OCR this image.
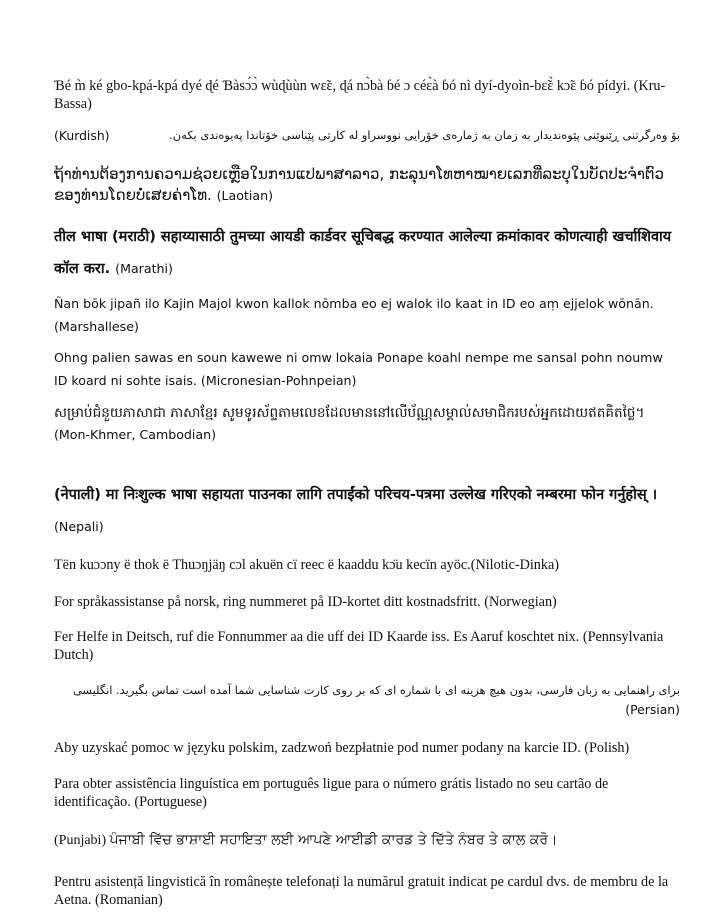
Ɓé m̀ ké gbo-kpá-kpá dyé ɖé Ɓàsɔ́ɔ̀ wùɖùùn wɛ̃ɛ, ɖá nɔ̀bà ɓé ɔ céɛ̀à ɓó nì dyí-dyoìn-bɛ̃ɛ̀ kɔ̃ɛ ɓó pídyi. (Kru-Bassa)

(Kurdish)	بۆ وەرگرتنی ڕێنوێنی پێوەندیدار بە زمان بە ژمارەی خۆرایی نووسراو لە کارتی پێناسی خۆتاندا پەیوەندی بکەن.

ຖ້າທ່ານຕ້ອງການຄວາມຊ່ວຍເຫຼືອໃນການແປພາສາລາວ, ກະລຸນາໂທຫາໝາຍເລກທີ່ລະບຸໃນບັດປະຈຳຕົວຂອງທ່ານໂດຍບໍ່ເສຍຄ່າໂທ. (Laotian)

तील भाषा (मराठी) सहाय्यासाठी तुमच्या आयडी कार्डवर सूचिबद्ध करण्यात आलेल्या क्रमांकावर कोणत्याही खर्चाशिवाय कॉल करा. (Marathi)

Ñan bōk jipañ ilo Kajin Majol kwon kallok nōmba eo ej walok ilo kaat in ID eo aṃ ejjelok wōnān. (Marshallese)

Ohng palien sawas en soun kawewe ni omw lokaia Ponape koahl nempe me sansal pohn noumw ID koard ni sohte isais. (Micronesian-Pohnpeian)

សម្រាប់ជំនួយភាសាជា ភាសាខ្មែរ សូមទូរស័ព្ទតាមលេខដែលមាននៅលើប័ណ្ណសម្គាល់សមាជិករបស់អ្នកដោយឥតគិតថ្លៃ។ (Mon-Khmer, Cambodian)

(नेपाली) मा निःशुल्क भाषा सहायता पाउनका लागि तपाईंको परिचय-पत्रमा उल्लेख गरिएको नम्बरमा फोन गर्नुहोस् । (Nepali)

Tën kuɔɔny ë thok ë Thuɔŋjäŋ cɔl akuën cï reec ë kaaddu kɔ̈u kecïn ayöc.(Nilotic-Dinka)

For språkassistanse på norsk, ring nummeret på ID-kortet ditt kostnadsfritt. (Norwegian)

Fer Helfe in Deitsch, ruf die Fonnummer aa die uff dei ID Kaarde iss. Es Aaruf koschtet nix. (Pennsylvania Dutch)

برای راهنمایی به زبان فارسی، بدون هیچ هزینه ای با شماره ای که بر روی کارت شناسایی شما آمده است تماس بگیرید. انگلیسی
(Persian)

Aby uzyskać pomoc w języku polskim, zadzwoń bezpłatnie pod numer podany na karcie ID. (Polish)

Para obter assistência linguística em português ligue para o número grátis listado no seu cartão de identificação. (Portuguese)

(Punjabi) ਪੰਜਾਬੀ ਵਿੱਚ ਭਾਸ਼ਾਈ ਸਹਾਇਤਾ ਲਈ ਆਪਣੇ ਆਈਡੀ ਕਾਰਡ ਤੇ ਦਿੱਤੇ ਨੰਬਰ ਤੇ ਕਾਲ ਕਰੋ।

Pentru asistență lingvistică în românește telefonați la numărul gratuit indicat pe cardul dvs. de membru de la Aetna. (Romanian)
